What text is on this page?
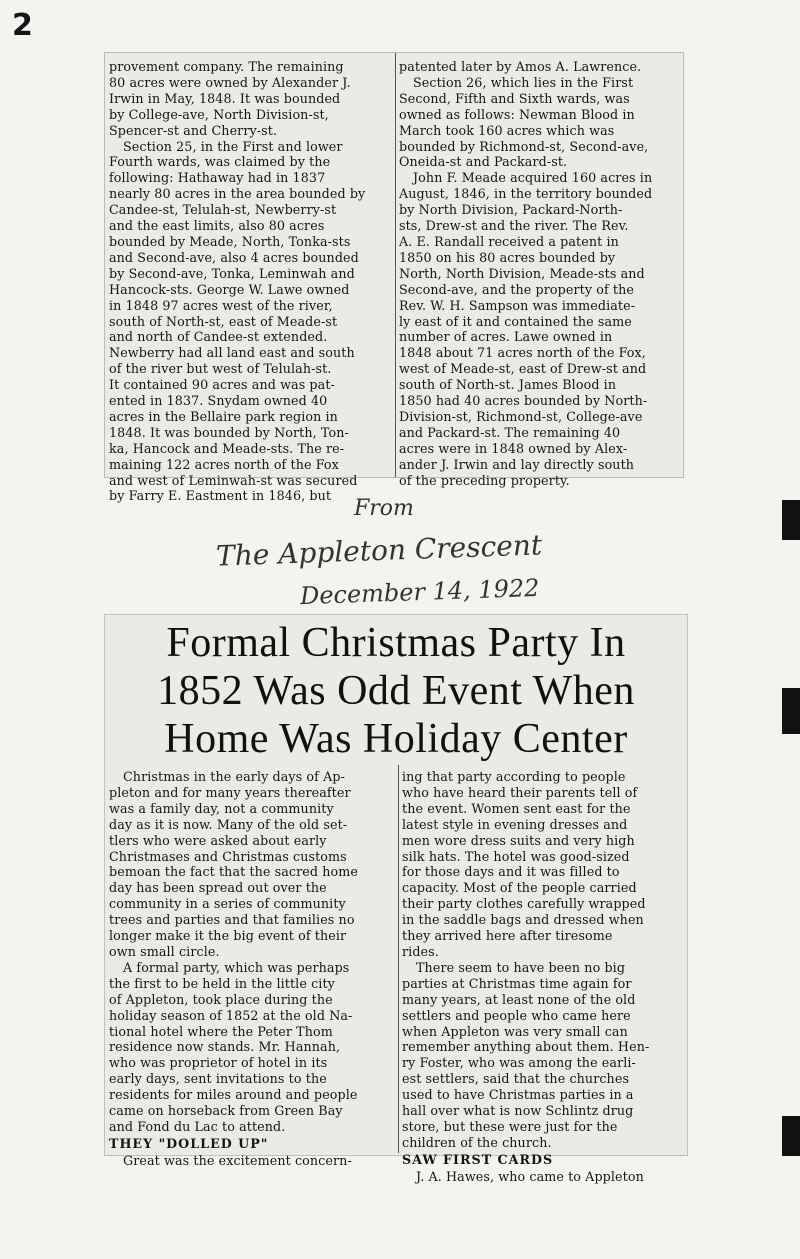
2

provement company. The remaining
80 acres were owned by Alexander J.
Irwin in May, 1848. It was bounded
by College-ave, North Division-st,
Spencer-st and Cherry-st.

Section 25, in the First and lower
Fourth wards, was claimed by the
following: Hathaway had in 1837
nearly 80 acres in the area bounded by
Candee-st, Telulah-st, Newberry-st
and the east limits, also 80 acres
bounded by Meade, North, Tonka-sts
and Second-ave, also 4 acres bounded
by Second-ave, Tonka, Leminwah and
Hancock-sts. George W. Lawe owned
in 1848 97 acres west of the river,
south of North-st, east of Meade-st
and north of Candee-st extended.
Newberry had all land east and south
of the river but west of Telulah-st.
It contained 90 acres and was pat-
ented in 1837. Snydam owned 40
acres in the Bellaire park region in
1848. It was bounded by North, Ton-
ka, Hancock and Meade-sts. The re-
maining 122 acres north of the Fox
and west of Leminwah-st was secured
by Farry E. Eastment in 1846, but

patented later by Amos A. Lawrence.

Section 26, which lies in the First
Second, Fifth and Sixth wards, was
owned as follows: Newman Blood in
March took 160 acres which was
bounded by Richmond-st, Second-ave,
Oneida-st and Packard-st.

John F. Meade acquired 160 acres in
August, 1846, in the territory bounded
by North Division, Packard-North-
sts, Drew-st and the river. The Rev.
A. E. Randall received a patent in
1850 on his 80 acres bounded by
North, North Division, Meade-sts and
Second-ave, and the property of the
Rev. W. H. Sampson was immediate-
ly east of it and contained the same
number of acres. Lawe owned in
1848 about 71 acres north of the Fox,
west of Meade-st, east of Drew-st and
south of North-st. James Blood in
1850 had 40 acres bounded by North-
Division-st, Richmond-st, College-ave
and Packard-st. The remaining 40
acres were in 1848 owned by Alex-
ander J. Irwin and lay directly south
of the preceding property.

From
The Appleton Crescent
December 14, 1922
Formal Christmas Party In
1852 Was Odd Event When
Home Was Holiday Center

Christmas in the early days of Ap-
pleton and for many years thereafter
was a family day, not a community
day as it is now. Many of the old set-
tlers who were asked about early
Christmases and Christmas customs
bemoan the fact that the sacred home
day has been spread out over the
community in a series of community
trees and parties and that families no
longer make it the big event of their
own small circle.

A formal party, which was perhaps
the first to be held in the little city
of Appleton, took place during the
holiday season of 1852 at the old Na-
tional hotel where the Peter Thom
residence now stands. Mr. Hannah,
who was proprietor of hotel in its
early days, sent invitations to the
residents for miles around and people
came on horseback from Green Bay
and Fond du Lac to attend.

THEY "DOLLED UP"

Great was the excitement concern-

ing that party according to people
who have heard their parents tell of
the event. Women sent east for the
latest style in evening dresses and
men wore dress suits and very high
silk hats. The hotel was good-sized
for those days and it was filled to
capacity. Most of the people carried
their party clothes carefully wrapped
in the saddle bags and dressed when
they arrived here after tiresome
rides.

There seem to have been no big
parties at Christmas time again for
many years, at least none of the old
settlers and people who came here
when Appleton was very small can
remember anything about them. Hen-
ry Foster, who was among the earli-
est settlers, said that the churches
used to have Christmas parties in a
hall over what is now Schlintz drug
store, but these were just for the
children of the church.

SAW FIRST CARDS

J. A. Hawes, who came to Appleton
